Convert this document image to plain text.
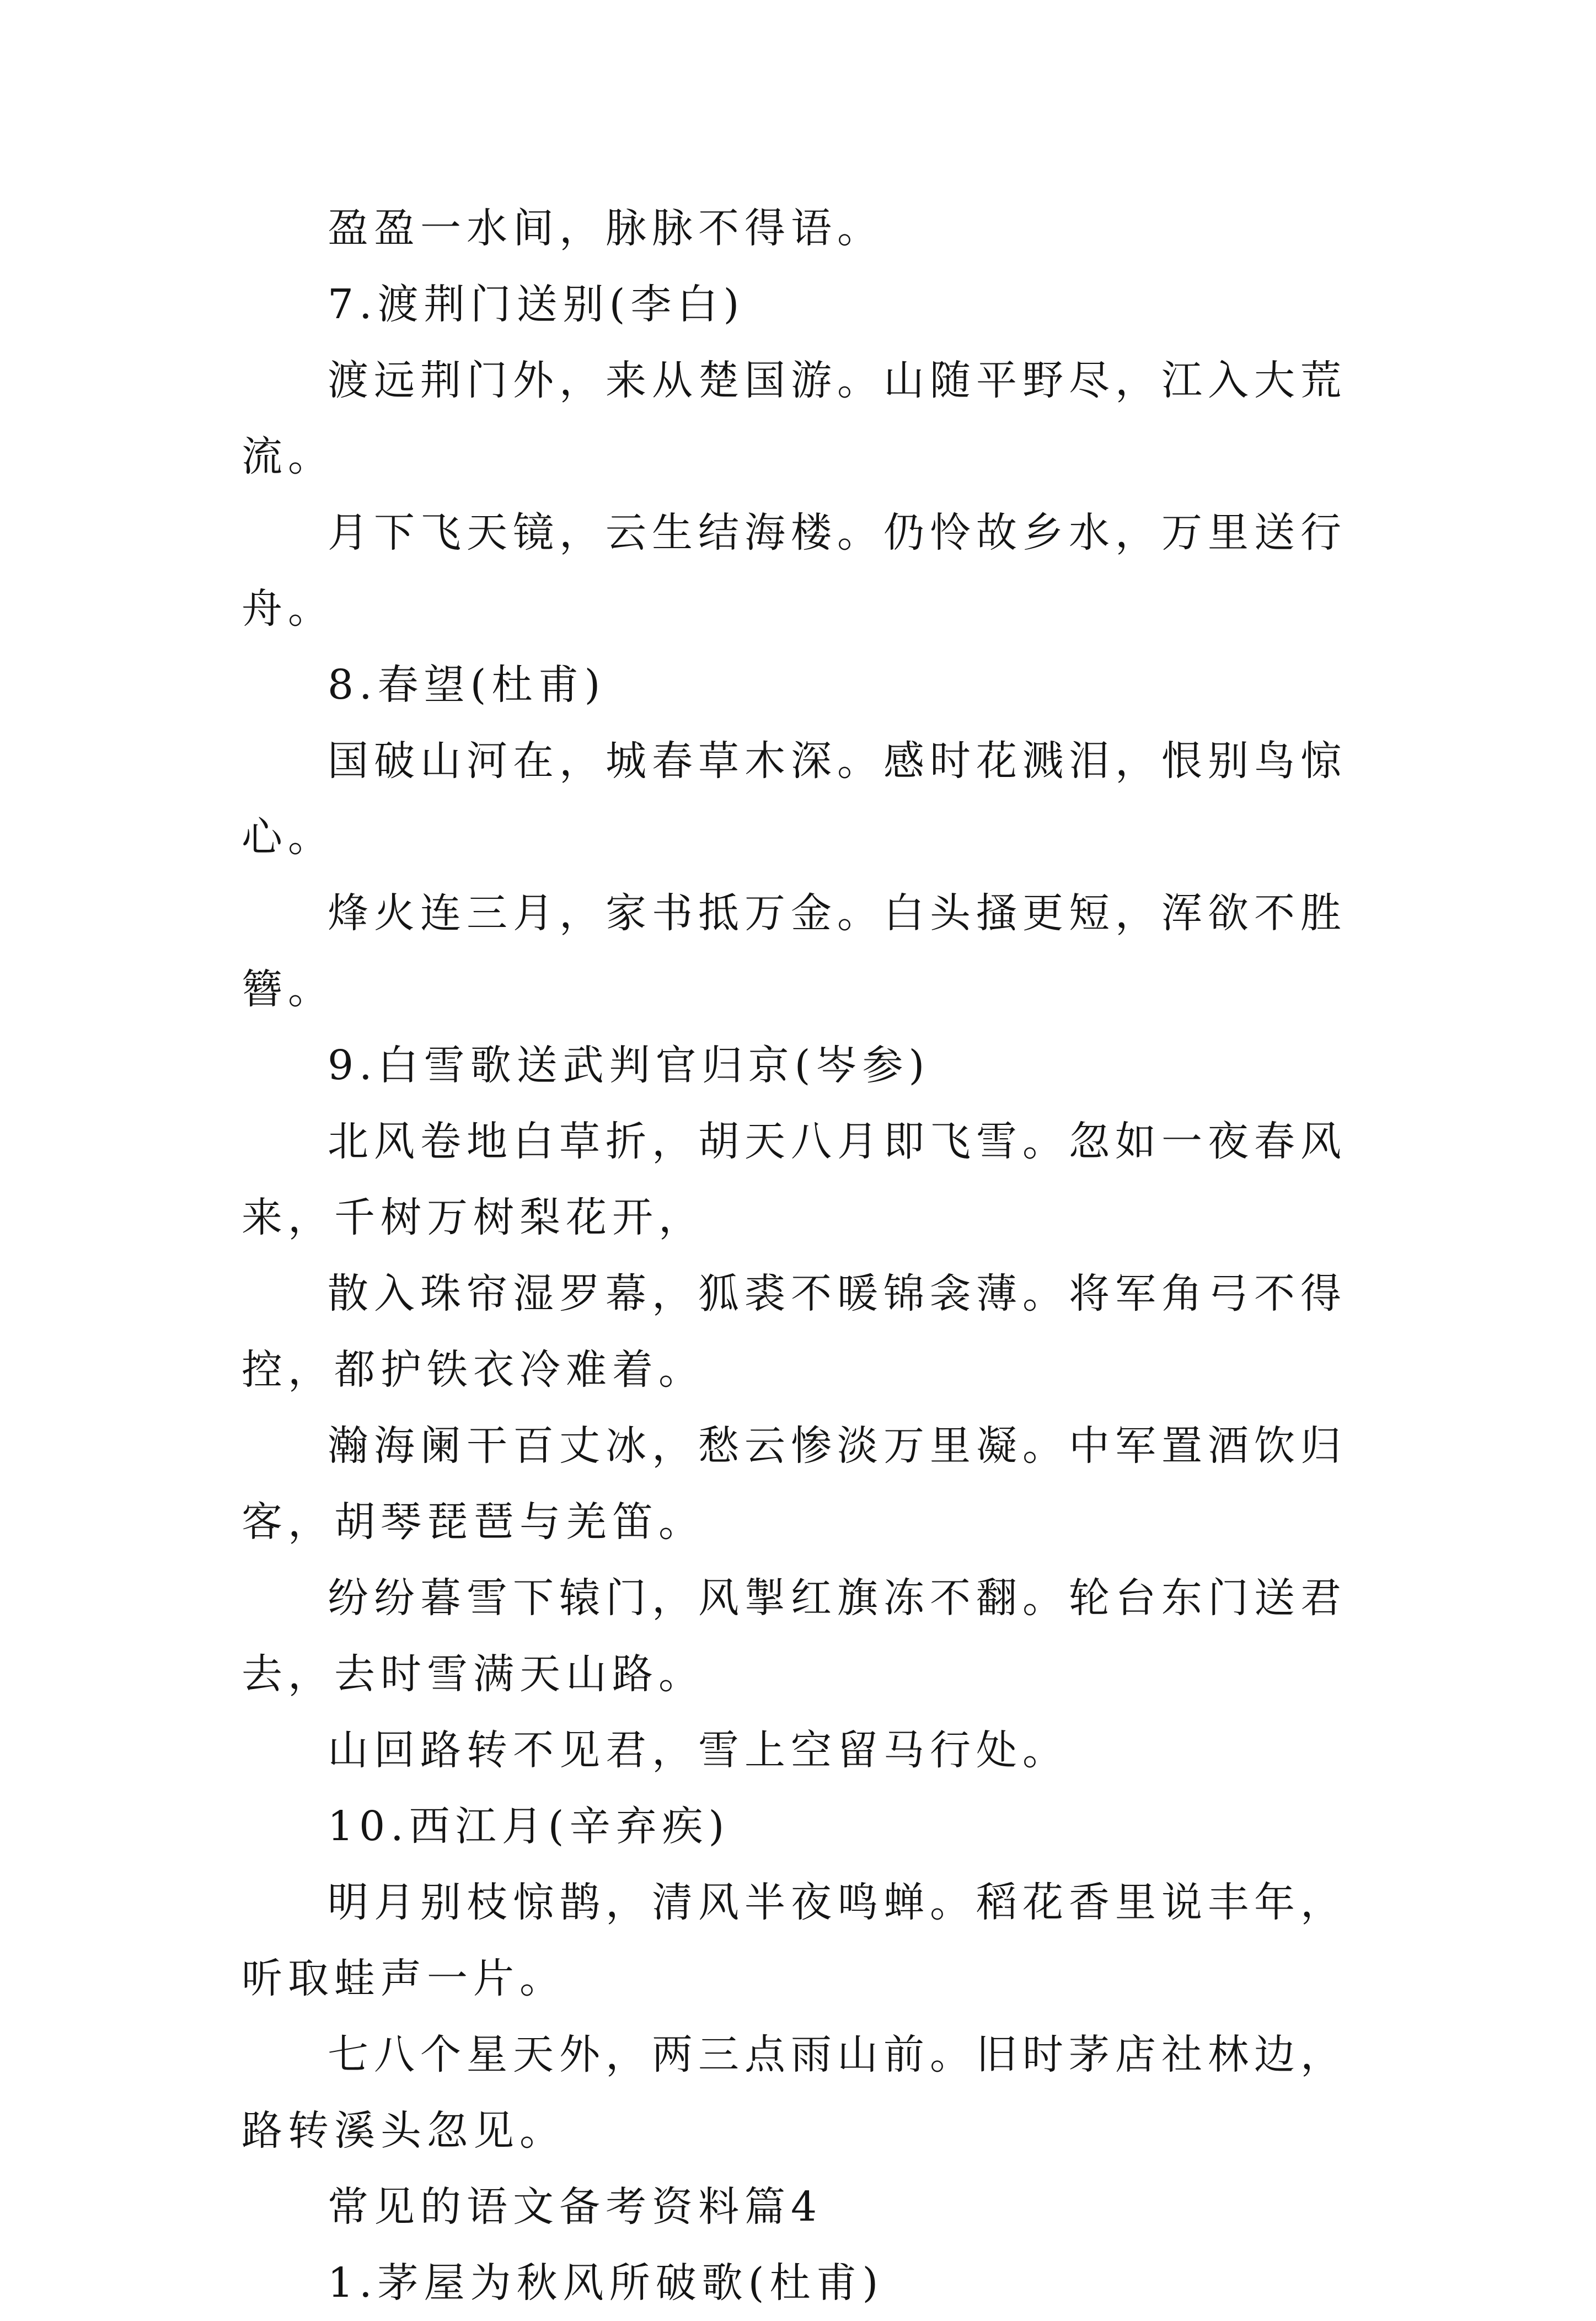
盈盈一水间，脉脉不得语。

7.渡荆门送别(李白)

渡远荆门外，来从楚国游。山随平野尽，江入大荒流。

月下飞天镜，云生结海楼。仍怜故乡水，万里送行舟。

8.春望(杜甫)

国破山河在，城春草木深。感时花溅泪，恨别鸟惊心。

烽火连三月，家书抵万金。白头搔更短，浑欲不胜簪。

9.白雪歌送武判官归京(岑参)

北风卷地白草折，胡天八月即飞雪。忽如一夜春风来，千树万树梨花开，

散入珠帘湿罗幕，狐裘不暖锦衾薄。将军角弓不得控，都护铁衣冷难着。

瀚海阑干百丈冰，愁云惨淡万里凝。中军置酒饮归客，胡琴琵琶与羌笛。

纷纷暮雪下辕门，风掣红旗冻不翻。轮台东门送君去，去时雪满天山路。

山回路转不见君，雪上空留马行处。

10.西江月(辛弃疾)

明月别枝惊鹊，清风半夜鸣蝉。稻花香里说丰年，听取蛙声一片。

七八个星天外，两三点雨山前。旧时茅店社林边，路转溪头忽见。

常见的语文备考资料篇4

1.茅屋为秋风所破歌(杜甫)
